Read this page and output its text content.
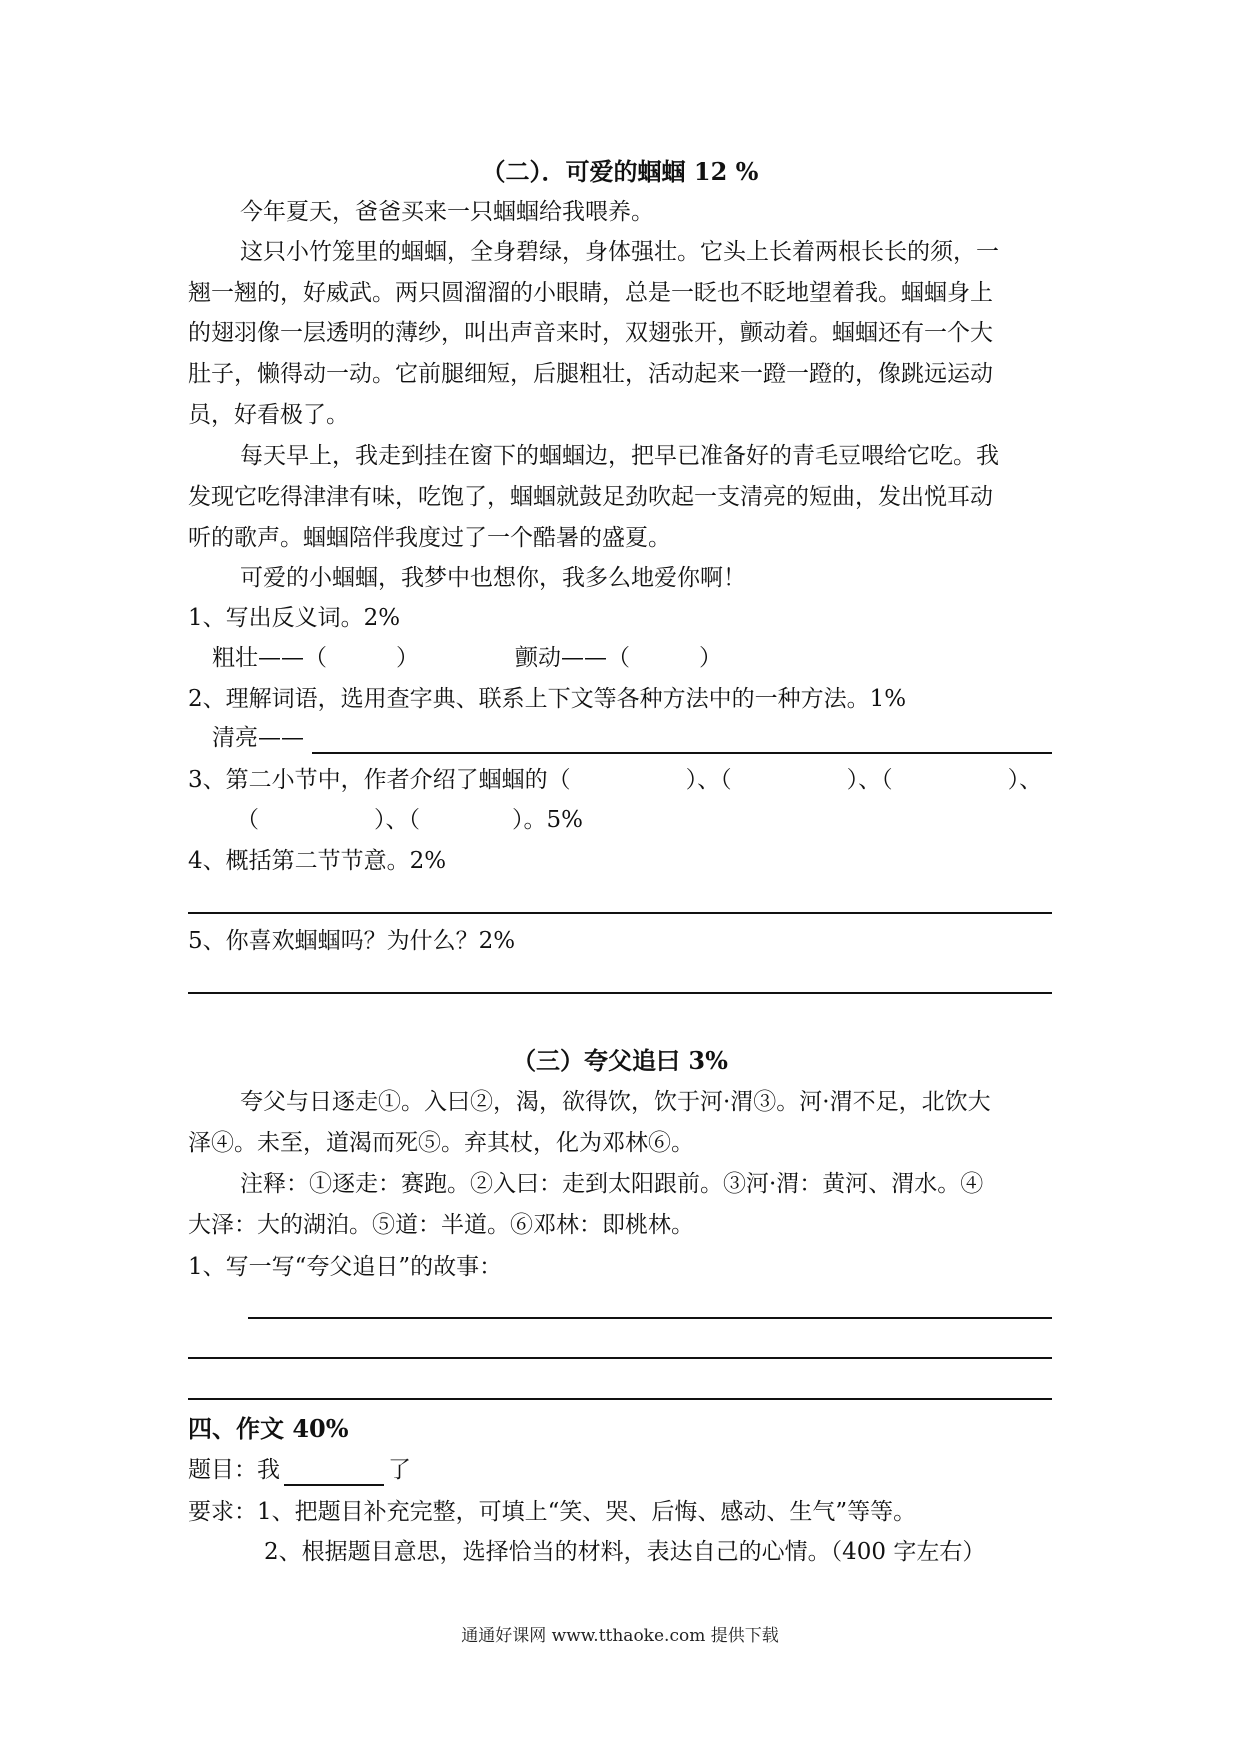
（二）．可爱的蝈蝈 12 %
今年夏天，爸爸买来一只蝈蝈给我喂养。
这只小竹笼里的蝈蝈，全身碧绿，身体强壮。它头上长着两根长长的须，一
翘一翘的，好威武。两只圆溜溜的小眼睛，总是一眨也不眨地望着我。蝈蝈身上
的翅羽像一层透明的薄纱，叫出声音来时，双翅张开，颤动着。蝈蝈还有一个大
肚子，懒得动一动。它前腿细短，后腿粗壮，活动起来一蹬一蹬的，像跳远运动
员，好看极了。
每天早上，我走到挂在窗下的蝈蝈边，把早已准备好的青毛豆喂给它吃。我
发现它吃得津津有味，吃饱了，蝈蝈就鼓足劲吹起一支清亮的短曲，发出悦耳动
听的歌声。蝈蝈陪伴我度过了一个酷暑的盛夏。
可爱的小蝈蝈，我梦中也想你，我多么地爱你啊！
1、写出反义词。2%
粗壮——（　　　）	颤动——（　　　）
2、理解词语，选用查字典、联系上下文等各种方法中的一种方法。1%
清亮——
3、第二小节中，作者介绍了蝈蝈的（　　　　　）、（　　　　　）、（　　　　　）、
（　　　　　）、（　　　　）。5%
4、概括第二节节意。2%
5、你喜欢蝈蝈吗？为什么？2%
（三）夸父追曰 3%
夸父与日逐走①。入曰②，渴，欲得饮，饮于河·渭③。河·渭不足，北饮大
泽④。未至，道渴而死⑤。弃其杖，化为邓林⑥。
注释：①逐走：赛跑。②入曰：走到太阳跟前。③河·渭：黄河、渭水。④
大泽：大的湖泊。⑤道：半道。⑥邓林：即桃林。
1、写一写“夸父追日”的故事：
四、作文 40%
题目：我	了
要求：1、把题目补充完整，可填上“笑、哭、后悔、感动、生气”等等。
2、根据题目意思，选择恰当的材料，表达自己的心情。（400 字左右）
通通好课网 www.tthaoke.com 提供下载
